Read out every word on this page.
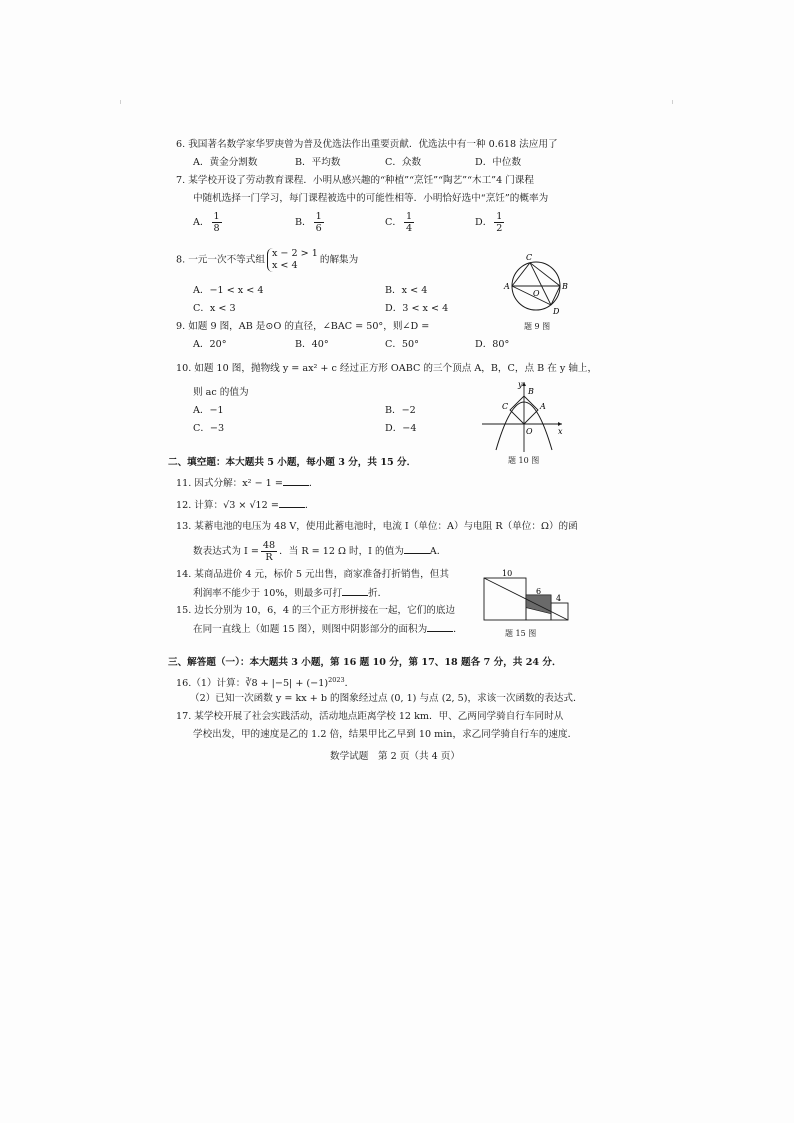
6. 我国著名数学家华罗庚曾为普及优选法作出重要贡献．优选法中有一种 0.618 法应用了
A．黄金分割数	B．平均数	C．众数	D．中位数
7. 某学校开设了劳动教育课程．小明从感兴趣的“种植”“烹饪”“陶艺”“木工”4 门课程
中随机选择一门学习，每门课程被选中的可能性相等．小明恰好选中“烹饪”的概率为
A． $\frac{1}{8}$	B． $\frac{1}{6}$	C． $\frac{1}{4}$	D． $\frac{1}{2}$
8. 一元一次不等式组
x − 2 > 1
x < 4	的解集为
A．−1 < x < 4	B．x < 4
C．x < 3	D．3 < x < 4
A	B
C
D
O
题 9 图
9. 如题 9 图，AB 是⊙O 的直径，∠BAC = 50°，则∠D =
A．20°	B．40°	C．50°	D．80°
10. 如题 10 图，抛物线 y = ax² + c 经过正方形 OABC 的三个顶点 A，B，C，点 B 在 y 轴上，
则 ac 的值为
A．−1	B．−2
C．−3	D．−4
y
x
B
A
C
O
题 10 图
二、填空题：本大题共 5 小题，每小题 3 分，共 15 分．
11. 因式分解：x² − 1 =	．
12. 计算：√3 × √12 =	．
13. 某蓄电池的电压为 48 V，使用此蓄电池时，电流 I（单位：A）与电阻 R（单位：Ω）的函
数表达式为 $I = \frac{48}{R}$ ．当 R = 12 Ω 时，I 的值为	A．
14. 某商品进价 4 元，标价 5 元出售，商家准备打折销售，但其
利润率不能少于 10%，则最多可打	折．
15. 边长分别为 10，6，4 的三个正方形拼接在一起，它们的底边
在同一直线上（如题 15 图），则图中阴影部分的面积为	．
10
6
4
题 15 图
三、解答题（一）：本大题共 3 小题，第 16 题 10 分，第 17、18 题各 7 分，共 24 分．
16.（1）计算：∛8 + $|-5| + (-1)^{2023}$．
（2）已知一次函数 y = kx + b 的图象经过点 (0, 1) 与点 (2, 5)，求该一次函数的表达式．
17. 某学校开展了社会实践活动，活动地点距离学校 12 km．甲、乙两同学骑自行车同时从
学校出发，甲的速度是乙的 1.2 倍，结果甲比乙早到 10 min，求乙同学骑自行车的速度．
数学试题　第 2 页（共 4 页）
